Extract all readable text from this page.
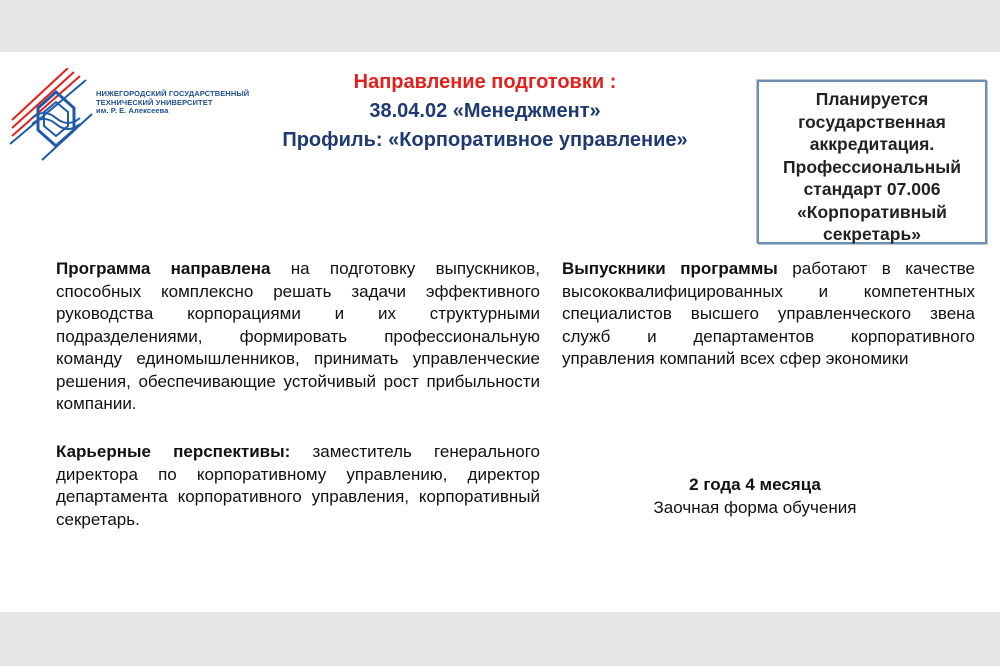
НИЖЕГОРОДСКИЙ ГОСУДАРСТВЕННЫЙ
ТЕХНИЧЕСКИЙ УНИВЕРСИТЕТ
им. Р. Е. Алексеева
Направление подготовки :
38.04.02 «Менеджмент»
Профиль: «Корпоративное управление»
Планируется государственная аккредитация. Профессиональный стандарт 07.006 «Корпоративный секретарь»
Программа направлена на подготовку выпускников, способных комплексно решать задачи эффективного руководства корпорациями и их структурными подразделениями, формировать профессиональную команду единомышленников, принимать управленческие решения, обеспечивающие устойчивый рост прибыльности компании.
Карьерные перспективы: заместитель генерального директора по корпоративному управлению, директор департамента корпоративного управления, корпоративный секретарь.
Выпускники программы работают в качестве высококвалифицированных и компетентных специалистов высшего управленческого звена служб и департаментов корпоративного управления компаний всех сфер экономики
2 года 4 месяца
Заочная форма обучения
